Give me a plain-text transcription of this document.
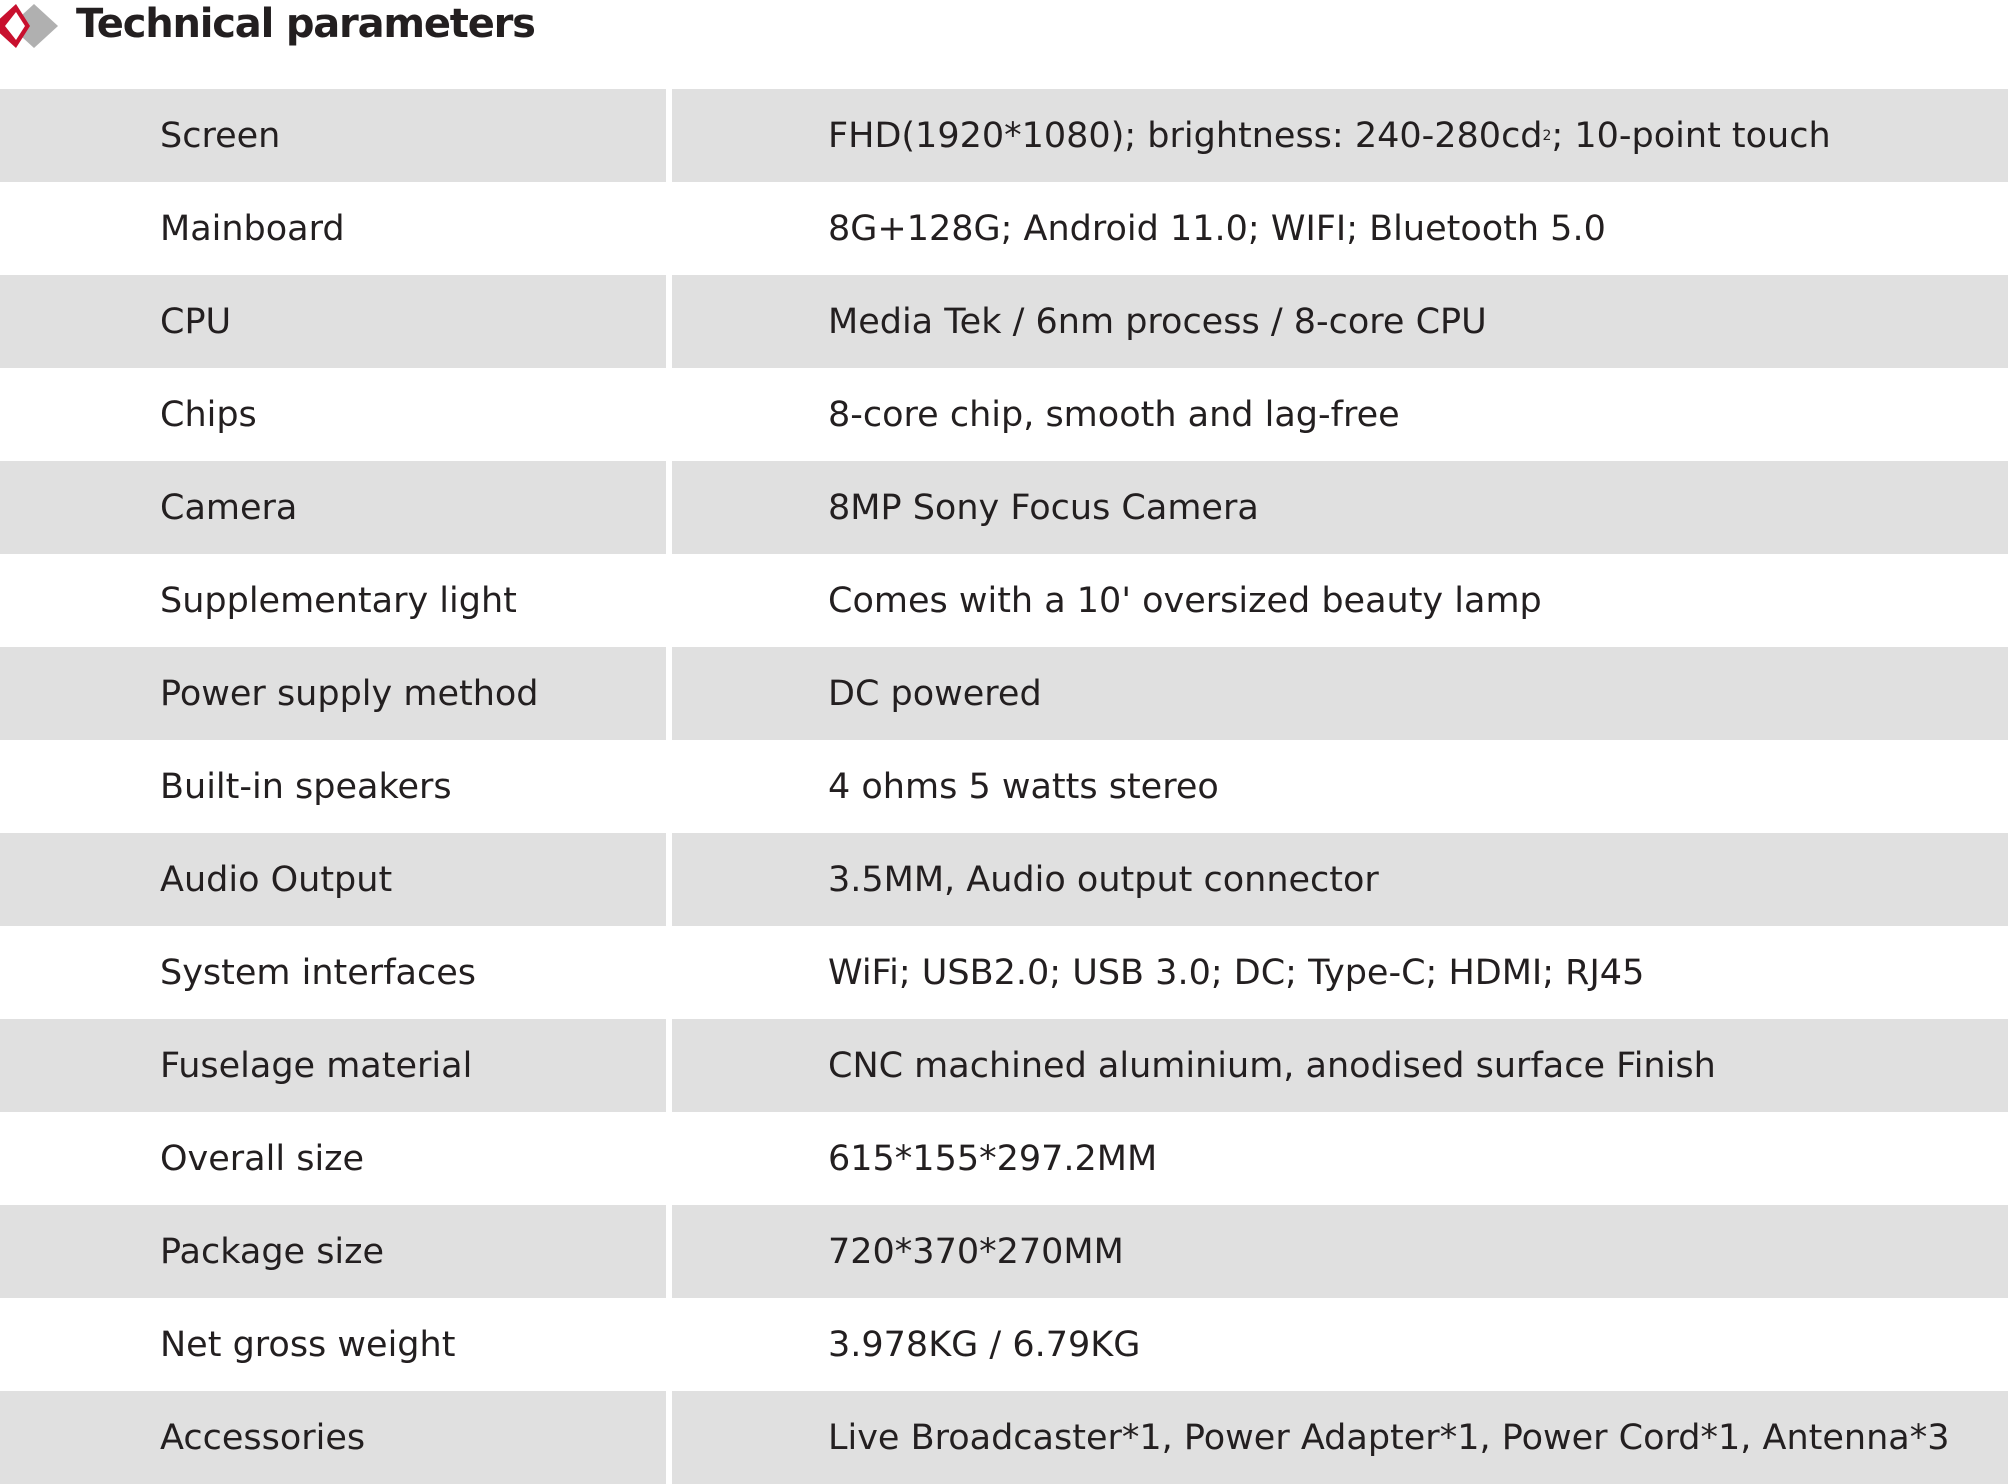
Technical parameters
Screen	FHD(1920*1080); brightness: 240-280cd 2 ; 10-point touch
Mainboard	8G+128G; Android 11.0; WIFI; Bluetooth 5.0
CPU	Media Tek / 6nm process / 8-core CPU
Chips	8-core chip, smooth and lag-free
Camera	8MP Sony Focus Camera
Supplementary light	Comes with a 10' oversized beauty lamp
Power supply method	DC powered
Built-in speakers	4 ohms 5 watts stereo
Audio Output	3.5MM, Audio output connector
System interfaces	WiFi; USB2.0; USB 3.0; DC; Type-C; HDMI; RJ45
Fuselage material	CNC machined aluminium, anodised surface Finish
Overall size	615*155*297.2MM
Package size	720*370*270MM
Net gross weight	3.978KG / 6.79KG
Accessories	Live Broadcaster*1, Power Adapter*1, Power Cord*1, Antenna*3
